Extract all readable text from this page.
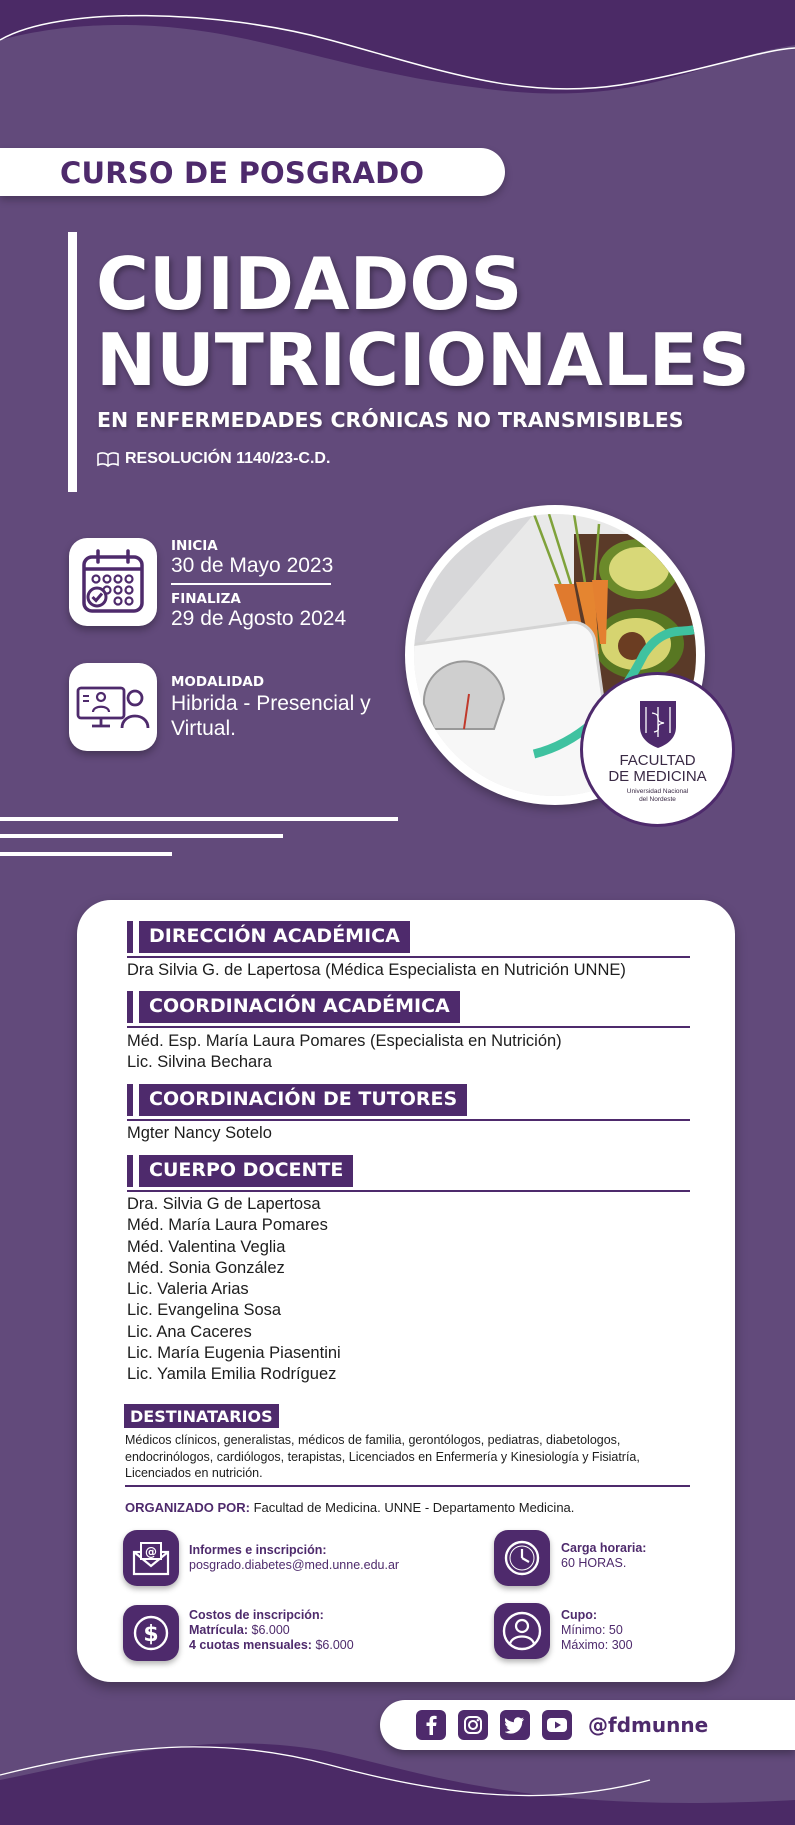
CURSO DE POSGRADO
CUIDADOS
NUTRICIONALES
EN ENFERMEDADES CRÓNICAS NO TRANSMISIBLES
RESOLUCIÓN 1140/23-C.D.
INICIA
30 de Mayo 2023
FINALIZA
29 de Agosto 2024
MODALIDAD
Hibrida - Presencial y
Virtual.
FACULTAD
DE MEDICINA
Universidad Nacional
del Nordeste
DIRECCIÓN ACADÉMICA
Dra Silvia G. de Lapertosa (Médica Especialista en Nutrición UNNE)
COORDINACIÓN ACADÉMICA
Méd. Esp. María Laura Pomares (Especialista en Nutrición)
Lic. Silvina Bechara
COORDINACIÓN DE TUTORES
Mgter Nancy Sotelo
CUERPO DOCENTE
Dra. Silvia G de Lapertosa
Méd. María Laura Pomares
Méd. Valentina Veglia
Méd. Sonia González
Lic. Valeria Arias
Lic. Evangelina Sosa
Lic. Ana Caceres
Lic. María Eugenia Piasentini
Lic. Yamila Emilia Rodríguez
DESTINATARIOS
Médicos clínicos, generalistas, médicos de familia, gerontólogos, pediatras, diabetologos, endocrinólogos, cardiólogos, terapistas, Licenciados en Enfermería y Kinesiología y Fisiatría, Licenciados en nutrición.
ORGANIZADO POR: Facultad de Medicina. UNNE - Departamento Medicina.
@	Informes e inscripción:
posgrado.diabetes@med.unne.edu.ar
Carga horaria:
60 HORAS.
$
Costos de inscripción:
Matrícula: $6.000
4 cuotas mensuales: $6.000
Cupo:
Mínimo: 50
Máximo: 300
@fdmunne
